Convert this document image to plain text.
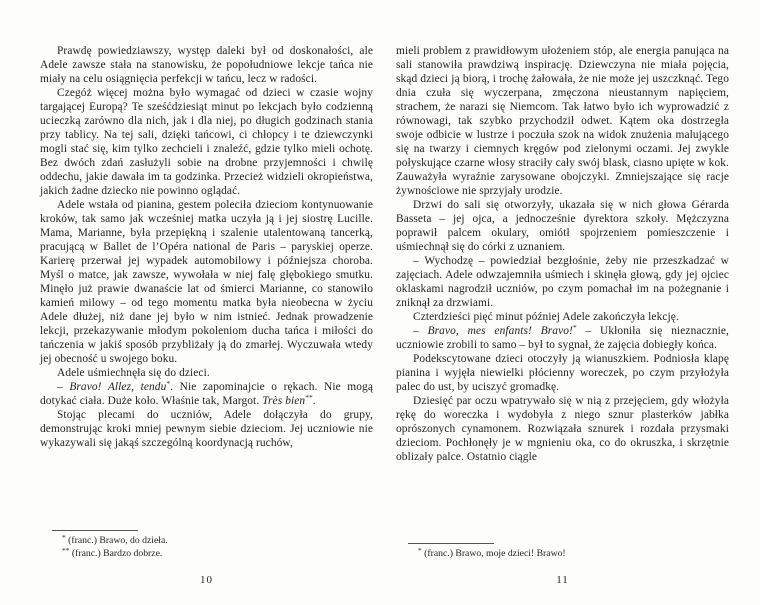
Prawdę powiedziawszy, występ daleki był od doskonałości, ale Adele zawsze stała na stanowisku, że popołudniowe lekcje tańca nie miały na celu osiągnięcia perfekcji w tańcu, lecz w radości.

Czegóż więcej można było wymagać od dzieci w czasie wojny targającej Europą? Te sześćdziesiąt minut po lekcjach było codzienną ucieczką zarówno dla nich, jak i dla niej, po długich godzinach stania przy tablicy. Na tej sali, dzięki tańcowi, ci chłopcy i te dziewczynki mogli stać się, kim tylko zechcieli i znaleźć, gdzie tylko mieli ochotę. Bez dwóch zdań zasłużyli sobie na drobne przyjemności i chwilę oddechu, jakie dawała im ta godzinka. Przecież widzieli okropieństwa, jakich żadne dziecko nie powinno oglądać.

Adele wstała od pianina, gestem poleciła dzieciom kontynuowanie kroków, tak samo jak wcześniej matka uczyła ją i jej siostrę Lucille. Mama, Marianne, była przepiękną i szalenie utalentowaną tancerką, pracującą w Ballet de l’Opéra national de Paris – paryskiej operze. Karierę przerwał jej wypadek automobilowy i późniejsza choroba. Myśl o matce, jak zawsze, wywołała w niej falę głębokiego smutku. Minęło już prawie dwanaście lat od śmierci Marianne, co stanowiło kamień milowy – od tego momentu matka była nieobecna w życiu Adele dłużej, niż dane jej było w nim istnieć. Jednak prowadzenie lekcji, przekazywanie młodym pokoleniom ducha tańca i miłości do tańczenia w jakiś sposób przybliżały ją do zmarłej. Wyczuwała wtedy jej obecność u swojego boku.

Adele uśmiechnęła się do dzieci.

– Bravo! Allez, tendu*. Nie zapominajcie o rękach. Nie mogą dotykać ciała. Duże koło. Właśnie tak, Margot. Très bien**.

Stojąc plecami do uczniów, Adele dołączyła do grupy, demonstrując kroki mniej pewnym siebie dzieciom. Jej uczniowie nie wykazywali się jakąś szczególną koordynacją ruchów,

* (franc.) Brawo, do dzieła.
** (franc.) Bardzo dobrze.
10

mieli problem z prawidłowym ułożeniem stóp, ale energia panująca na sali stanowiła prawdziwą inspirację. Dziewczyna nie miała pojęcia, skąd dzieci ją biorą, i trochę żałowała, że nie może jej uszczknąć. Tego dnia czuła się wyczerpana, zmęczona nieustannym napięciem, strachem, że narazi się Niemcom. Tak łatwo było ich wyprowadzić z równowagi, tak szybko przychodził odwet. Kątem oka dostrzegła swoje odbicie w lustrze i poczuła szok na widok znużenia malującego się na twarzy i ciemnych kręgów pod zielonymi oczami. Jej zwykle połyskujące czarne włosy straciły cały swój blask, ciasno upięte w kok. Zauważyła wyraźnie zarysowane obojczyki. Zmniejszające się racje żywnościowe nie sprzyjały urodzie.

Drzwi do sali się otworzyły, ukazała się w nich głowa Gérarda Basseta – jej ojca, a jednocześnie dyrektora szkoły. Mężczyzna poprawił palcem okulary, omiótł spojrzeniem pomieszczenie i uśmiechnął się do córki z uznaniem.

– Wychodzę – powiedział bezgłośnie, żeby nie przeszkadzać w zajęciach. Adele odwzajemniła uśmiech i skinęła głową, gdy jej ojciec oklaskami nagrodził uczniów, po czym pomachał im na pożegnanie i zniknął za drzwiami.

Czterdzieści pięć minut później Adele zakończyła lekcję.

– Bravo, mes enfants! Bravo!* – Ukłoniła się nieznacznie, uczniowie zrobili to samo – był to sygnał, że zajęcia dobiegły końca.

Podekscytowane dzieci otoczyły ją wianuszkiem. Podniosła klapę pianina i wyjęła niewielki płócienny woreczek, po czym przyłożyła palec do ust, by uciszyć gromadkę.

Dziesięć par oczu wpatrywało się w nią z przejęciem, gdy włożyła rękę do woreczka i wydobyła z niego sznur plasterków jabłka oprószonych cynamonem. Rozwiązała sznurek i rozdała przysmaki dzieciom. Pochłonęły je w mgnieniu oka, co do okruszka, i skrzętnie oblizały palce. Ostatnio ciągle

* (franc.) Brawo, moje dzieci! Brawo!
11
